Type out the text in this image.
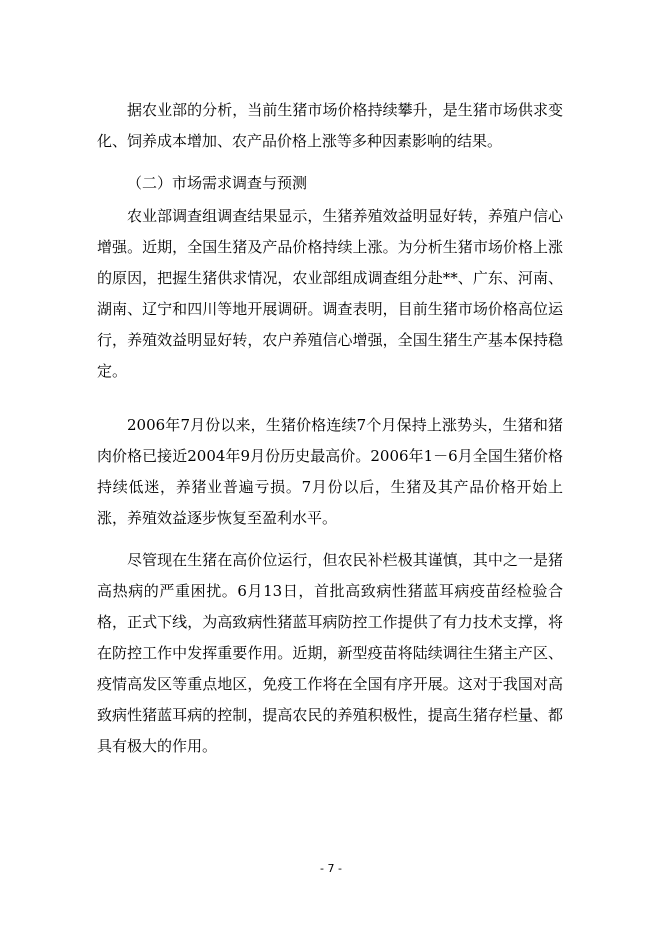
据农业部的分析，当前生猪市场价格持续攀升，是生猪市场供求变化、饲养成本增加、农产品价格上涨等多种因素影响的结果。

（二）市场需求调查与预测

农业部调查组调查结果显示，生猪养殖效益明显好转，养殖户信心增强。近期，全国生猪及产品价格持续上涨。为分析生猪市场价格上涨的原因，把握生猪供求情况，农业部组成调查组分赴**、广东、河南、湖南、辽宁和四川等地开展调研。调查表明，目前生猪市场价格高位运行，养殖效益明显好转，农户养殖信心增强，全国生猪生产基本保持稳定。

2006年7月份以来，生猪价格连续7个月保持上涨势头，生猪和猪肉价格已接近2004年9月份历史最高价。2006年1－6月全国生猪价格持续低迷，养猪业普遍亏损。7月份以后，生猪及其产品价格开始上涨，养殖效益逐步恢复至盈利水平。

尽管现在生猪在高价位运行，但农民补栏极其谨慎，其中之一是猪高热病的严重困扰。6月13日，首批高致病性猪蓝耳病疫苗经检验合格，正式下线，为高致病性猪蓝耳病防控工作提供了有力技术支撑，将在防控工作中发挥重要作用。近期，新型疫苗将陆续调往生猪主产区、疫情高发区等重点地区，免疫工作将在全国有序开展。这对于我国对高致病性猪蓝耳病的控制，提高农民的养殖积极性，提高生猪存栏量、都具有极大的作用。

- 7 -
